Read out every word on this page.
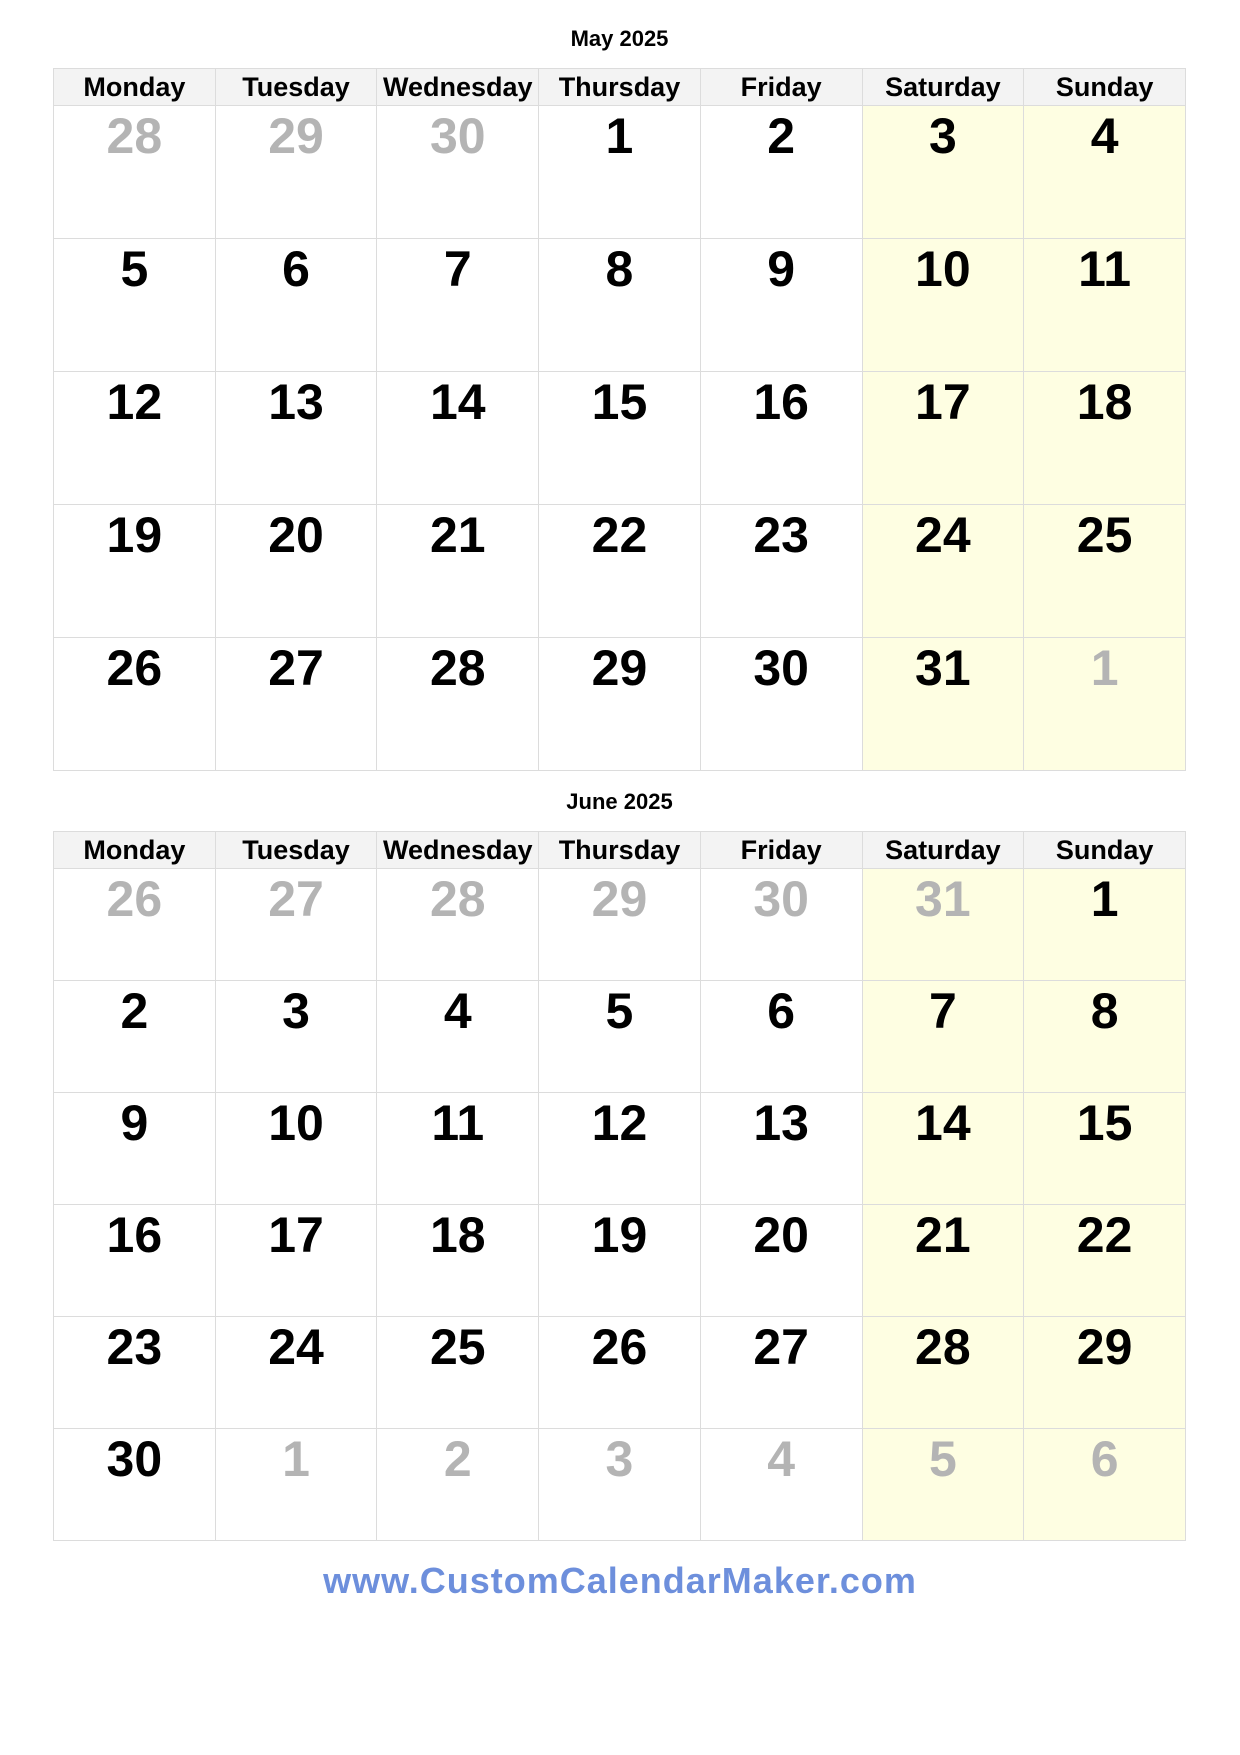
May 2025
Monday	Tuesday	Wednesday	Thursday	Friday	Saturday	Sunday

28	29	30	1	2	3	4

5	6	7	8	9	10	11

12	13	14	15	16	17	18

19	20	21	22	23	24	25

26	27	28	29	30	31	1
June 2025
Monday	Tuesday	Wednesday	Thursday	Friday	Saturday	Sunday

26	27	28	29	30	31	1

2	3	4	5	6	7	8

9	10	11	12	13	14	15

16	17	18	19	20	21	22

23	24	25	26	27	28	29

30	1	2	3	4	5	6
www.CustomCalendarMaker.com
